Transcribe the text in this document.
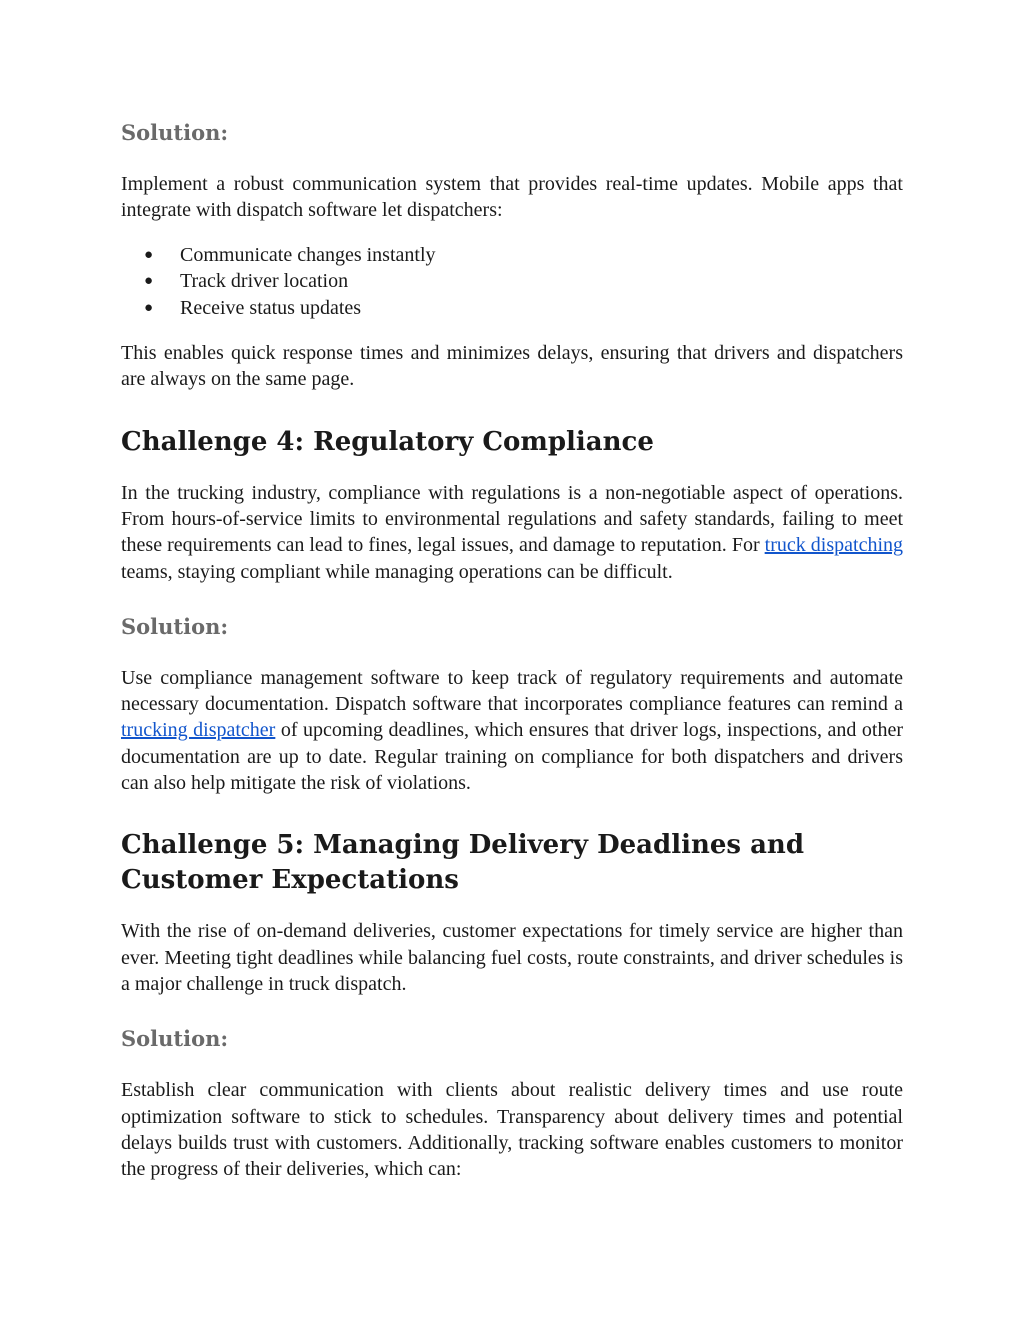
Solution:

Implement a robust communication system that provides real-time updates. Mobile apps that integrate with dispatch software let dispatchers:

● Communicate changes instantly
● Track driver location
● Receive status updates

This enables quick response times and minimizes delays, ensuring that drivers and dispatchers are always on the same page.

Challenge 4: Regulatory Compliance

In the trucking industry, compliance with regulations is a non-negotiable aspect of operations. From hours-of-service limits to environmental regulations and safety standards, failing to meet these requirements can lead to fines, legal issues, and damage to reputation. For truck dispatching teams, staying compliant while managing operations can be difficult.

Solution:

Use compliance management software to keep track of regulatory requirements and automate necessary documentation. Dispatch software that incorporates compliance features can remind a trucking dispatcher of upcoming deadlines, which ensures that driver logs, inspections, and other documentation are up to date. Regular training on compliance for both dispatchers and drivers can also help mitigate the risk of violations.

Challenge 5: Managing Delivery Deadlines and Customer Expectations

With the rise of on-demand deliveries, customer expectations for timely service are higher than ever. Meeting tight deadlines while balancing fuel costs, route constraints, and driver schedules is a major challenge in truck dispatch.

Solution:

Establish clear communication with clients about realistic delivery times and use route optimization software to stick to schedules. Transparency about delivery times and potential delays builds trust with customers. Additionally, tracking software enables customers to monitor the progress of their deliveries, which can:
